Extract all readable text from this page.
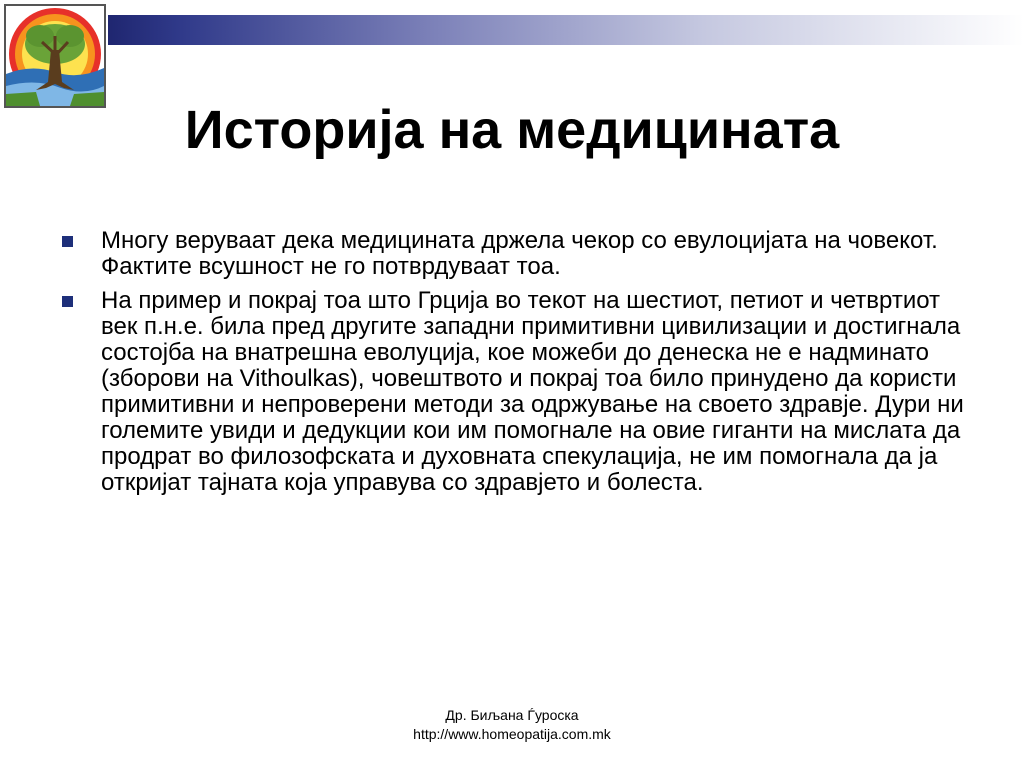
Историја на медицината
Многу веруваат дека медицината држела чекор со евулоцијата на човекот. Фактите всушност не го потврдуваат тоа.
На пример и покрај тоа што Грција во текот на шестиот, петиот и четвртиот век п.н.е. била пред другите западни примитивни цивилизации и достигнала состојба на внатрешна еволуција, кое можеби до денеска не е надминато (зборови на Vithoulkas), човештвото и покрај тоа било принудено да користи примитивни и непроверени методи за одржување на своето здравје. Дури ни големите увиди и дедукции кои им помогнале на овие гиганти на мислата да продрат во филозофската и духовната спекулација, не им помогнала да ја откријат тајната која управува со здравјето и болеста.
Др. Биљана Ѓуроска
http://www.homeopatija.com.mk
